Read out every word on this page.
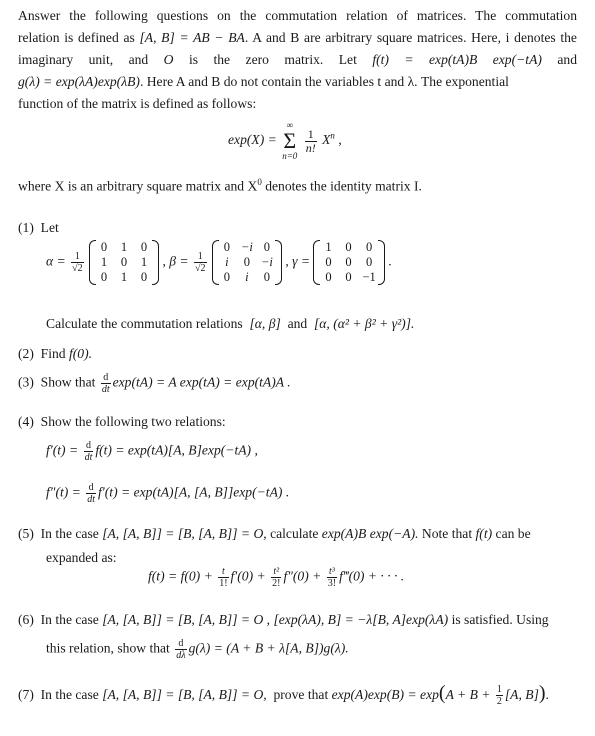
Answer the following questions on the commutation relation of matrices. The commutation
relation is defined as [A, B] = AB − BA. A and B are arbitrary square matrices. Here, i denotes the
imaginary unit, and O is the zero matrix. Let f(t) = exp(tA)B exp(−tA) and
g(λ) = exp(λA)exp(λB). Here A and B do not contain the variables t and λ. The exponential
function of the matrix is defined as follows:
exp(X) =
∞
Σ
n=0

$\frac{1}{n!} X^n$ ,
where X is an arbitrary square matrix and $X^0$ denotes the identity matrix I.
(1) Let
$\alpha = \frac{1}{√2}$

0	1	0
1	0	1
0	1	0
, $\beta = \frac{1}{√2}$

0	−i	0
i	0	−i
0	i	0
, γ =
1	0	0
0	0	0
0	0	−1
.
Calculate the commutation relations [α, β] and [α, (α² + β² + γ²)].
(2) Find f(0).
(3) Show that $\frac{d}{dt} \exp(tA) = A$ exp(tA) = exp(tA)A .
(4) Show the following two relations:
$f'(t) = \frac{d}{dt} f(t) = \exp(tA)[A$, B]exp(−tA) ,
$f''(t) = \frac{d}{dt} f'(t) = \exp(tA)[A$, [A, B]]exp(−tA) .
(5) In the case [A, [A, B]] = [B, [A, B]] = O, calculate exp(A)B exp(−A). Note that f(t) can be
expanded as:
$f(t) = f(0) + \frac{t}{1!} f'(0) + \frac{\text{t²}}{2!} f''(0) + \frac{\text{t³}}{3!}$ f‴(0) + · · · .
(6) In the case [A, [A, B]] = [B, [A, B]] = O , [exp(λA), B] = −λ[B, A]exp(λA) is satisfied. Using
this relation, show that $\frac{d}{d\lambda} g(\lambda) = (A + B + \lambda[A$, B])g(λ).
(7) In the case [A, [A, B]] = [B, [A, B]] = O, prove that $\exp(A)\exp(B) = \exp(A + B + \frac{1}{2} [A$, B]).
